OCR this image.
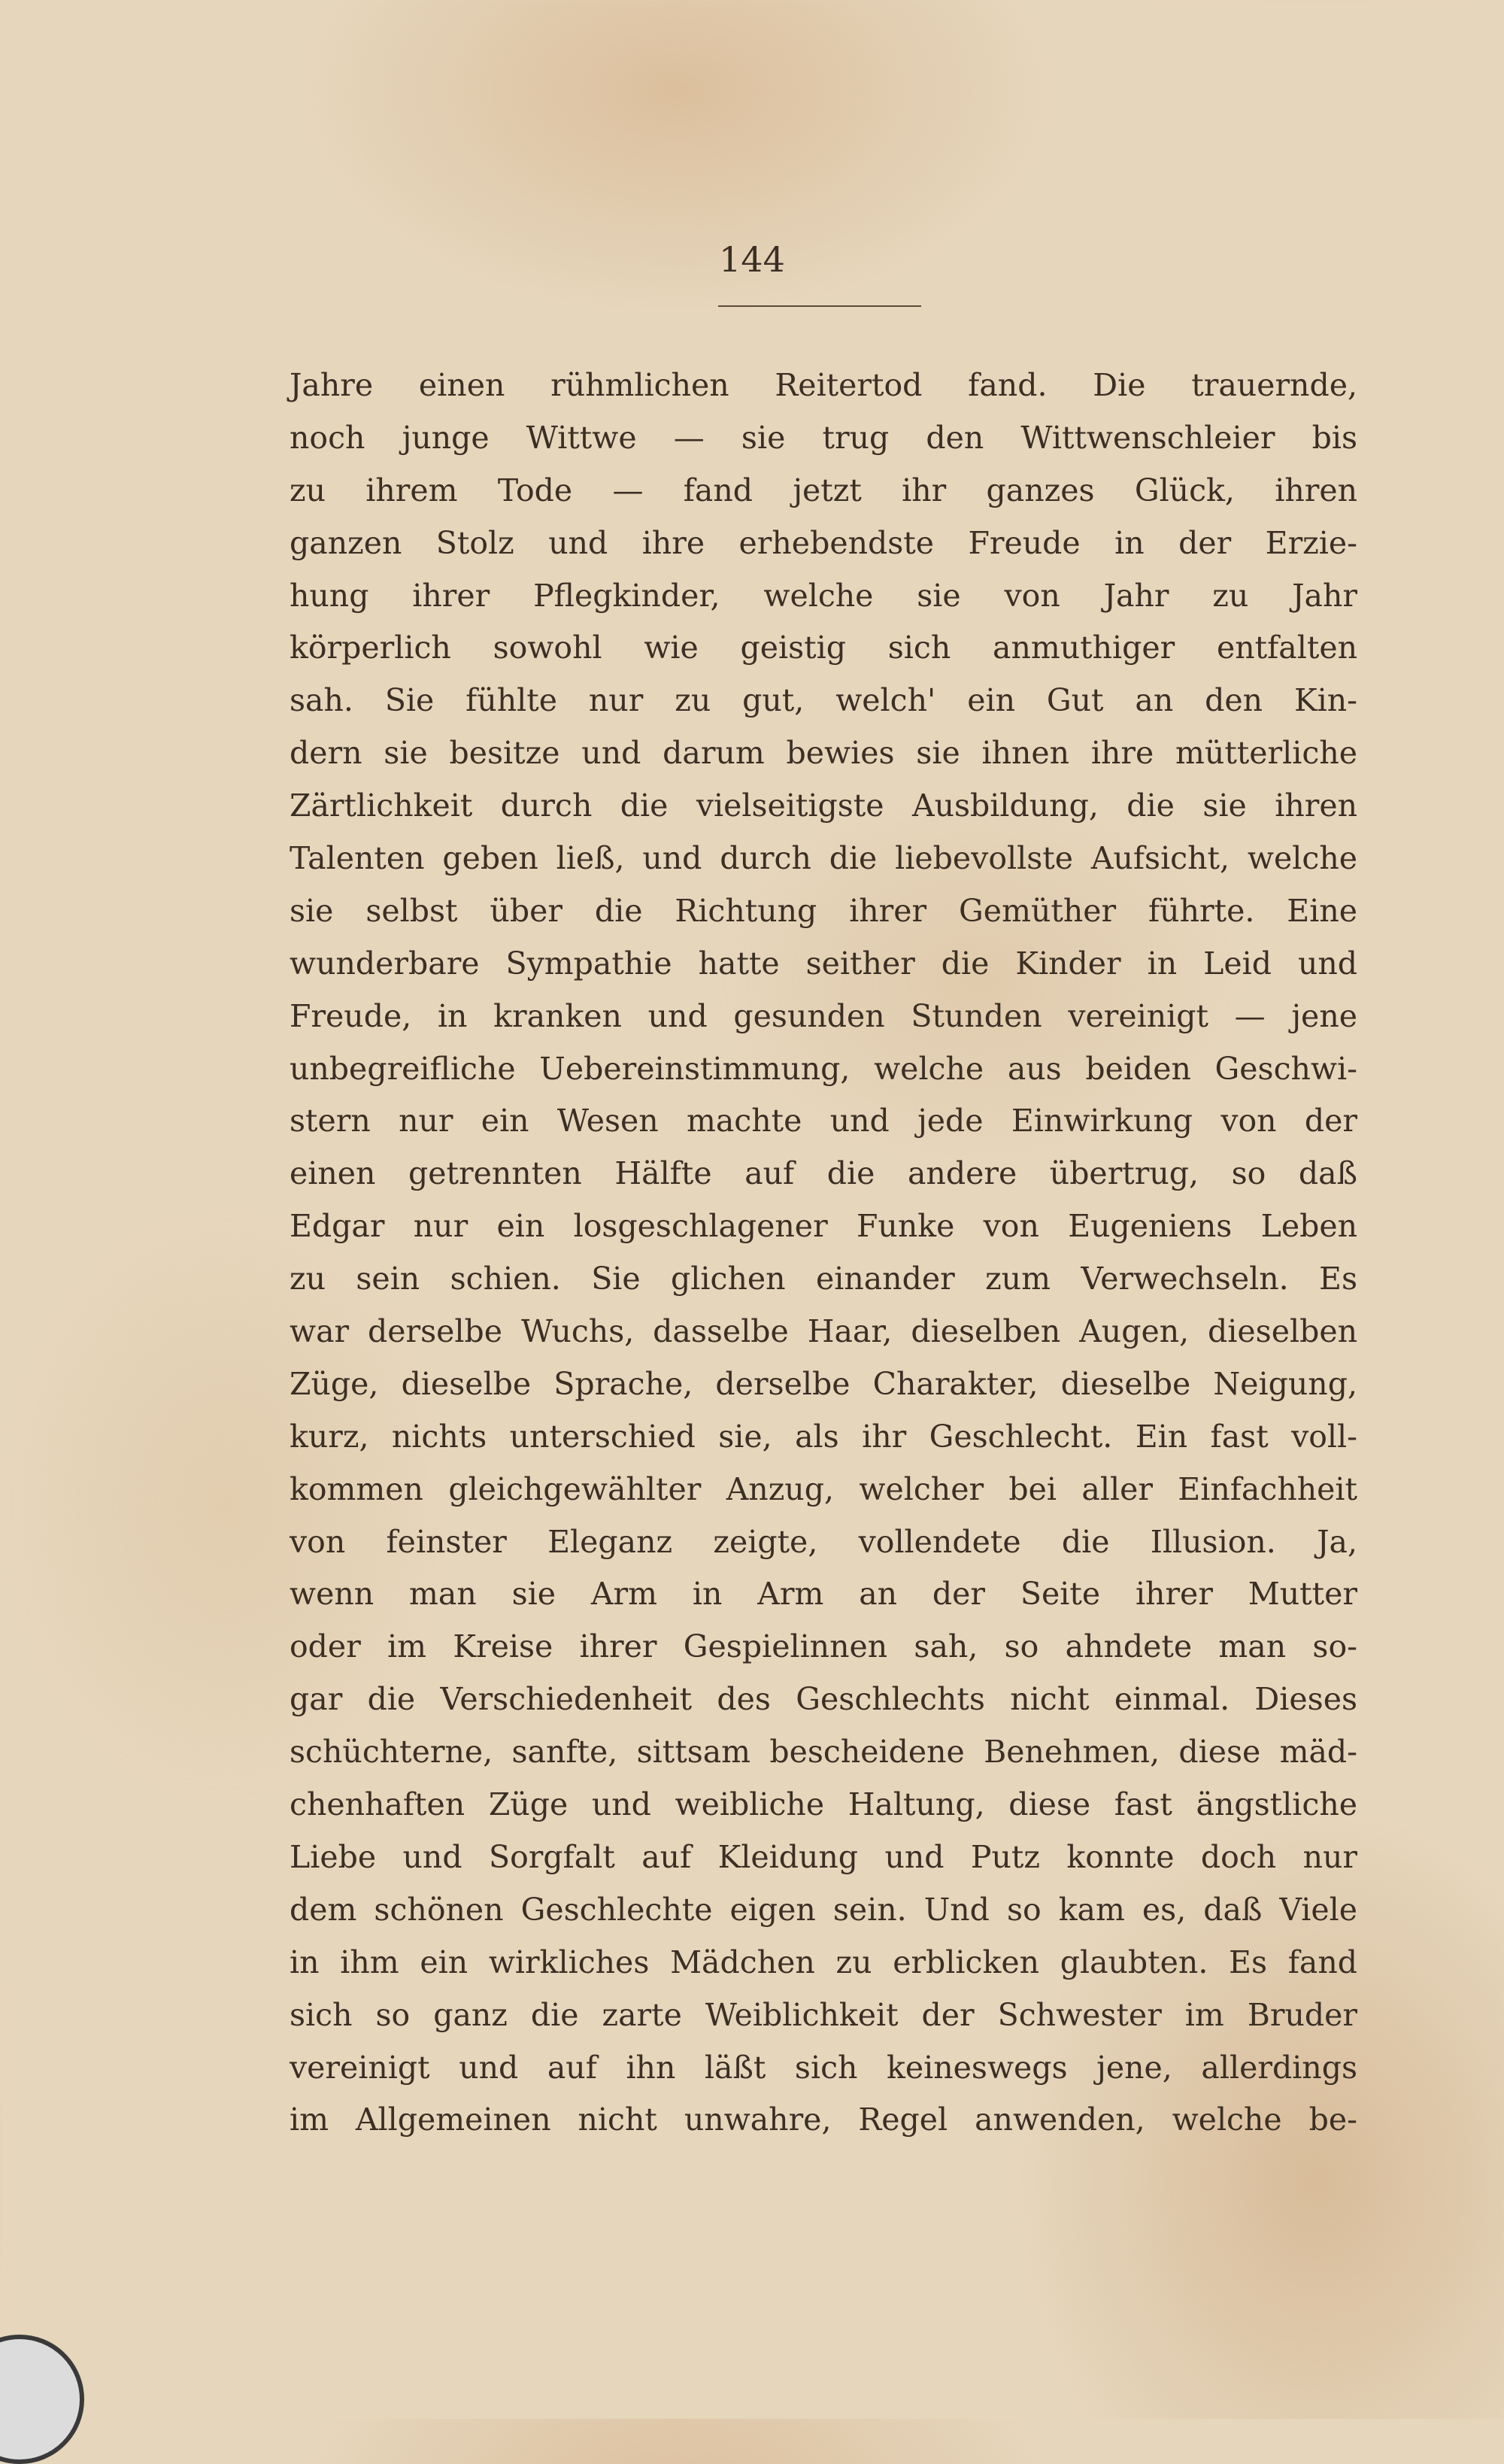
144
Jahre einen rühmlichen Reitertod fand. Die trauernde,
noch junge Wittwe — sie trug den Wittwenschleier bis
zu ihrem Tode — fand jetzt ihr ganzes Glück, ihren
ganzen Stolz und ihre erhebendste Freude in der Erzie-
hung ihrer Pflegkinder, welche sie von Jahr zu Jahr
körperlich sowohl wie geistig sich anmuthiger entfalten
sah. Sie fühlte nur zu gut, welch' ein Gut an den Kin-
dern sie besitze und darum bewies sie ihnen ihre mütterliche
Zärtlichkeit durch die vielseitigste Ausbildung, die sie ihren
Talenten geben ließ, und durch die liebevollste Aufsicht, welche
sie selbst über die Richtung ihrer Gemüther führte. Eine
wunderbare Sympathie hatte seither die Kinder in Leid und
Freude, in kranken und gesunden Stunden vereinigt — jene
unbegreifliche Uebereinstimmung, welche aus beiden Geschwi-
stern nur ein Wesen machte und jede Einwirkung von der
einen getrennten Hälfte auf die andere übertrug, so daß
Edgar nur ein losgeschlagener Funke von Eugeniens Leben
zu sein schien. Sie glichen einander zum Verwechseln. Es
war derselbe Wuchs, dasselbe Haar, dieselben Augen, dieselben
Züge, dieselbe Sprache, derselbe Charakter, dieselbe Neigung,
kurz, nichts unterschied sie, als ihr Geschlecht. Ein fast voll-
kommen gleichgewählter Anzug, welcher bei aller Einfachheit
von feinster Eleganz zeigte, vollendete die Illusion. Ja,
wenn man sie Arm in Arm an der Seite ihrer Mutter
oder im Kreise ihrer Gespielinnen sah, so ahndete man so-
gar die Verschiedenheit des Geschlechts nicht einmal. Dieses
schüchterne, sanfte, sittsam bescheidene Benehmen, diese mäd-
chenhaften Züge und weibliche Haltung, diese fast ängstliche
Liebe und Sorgfalt auf Kleidung und Putz konnte doch nur
dem schönen Geschlechte eigen sein. Und so kam es, daß Viele
in ihm ein wirkliches Mädchen zu erblicken glaubten. Es fand
sich so ganz die zarte Weiblichkeit der Schwester im Bruder
vereinigt und auf ihn läßt sich keineswegs jene, allerdings
im Allgemeinen nicht unwahre, Regel anwenden, welche be-
